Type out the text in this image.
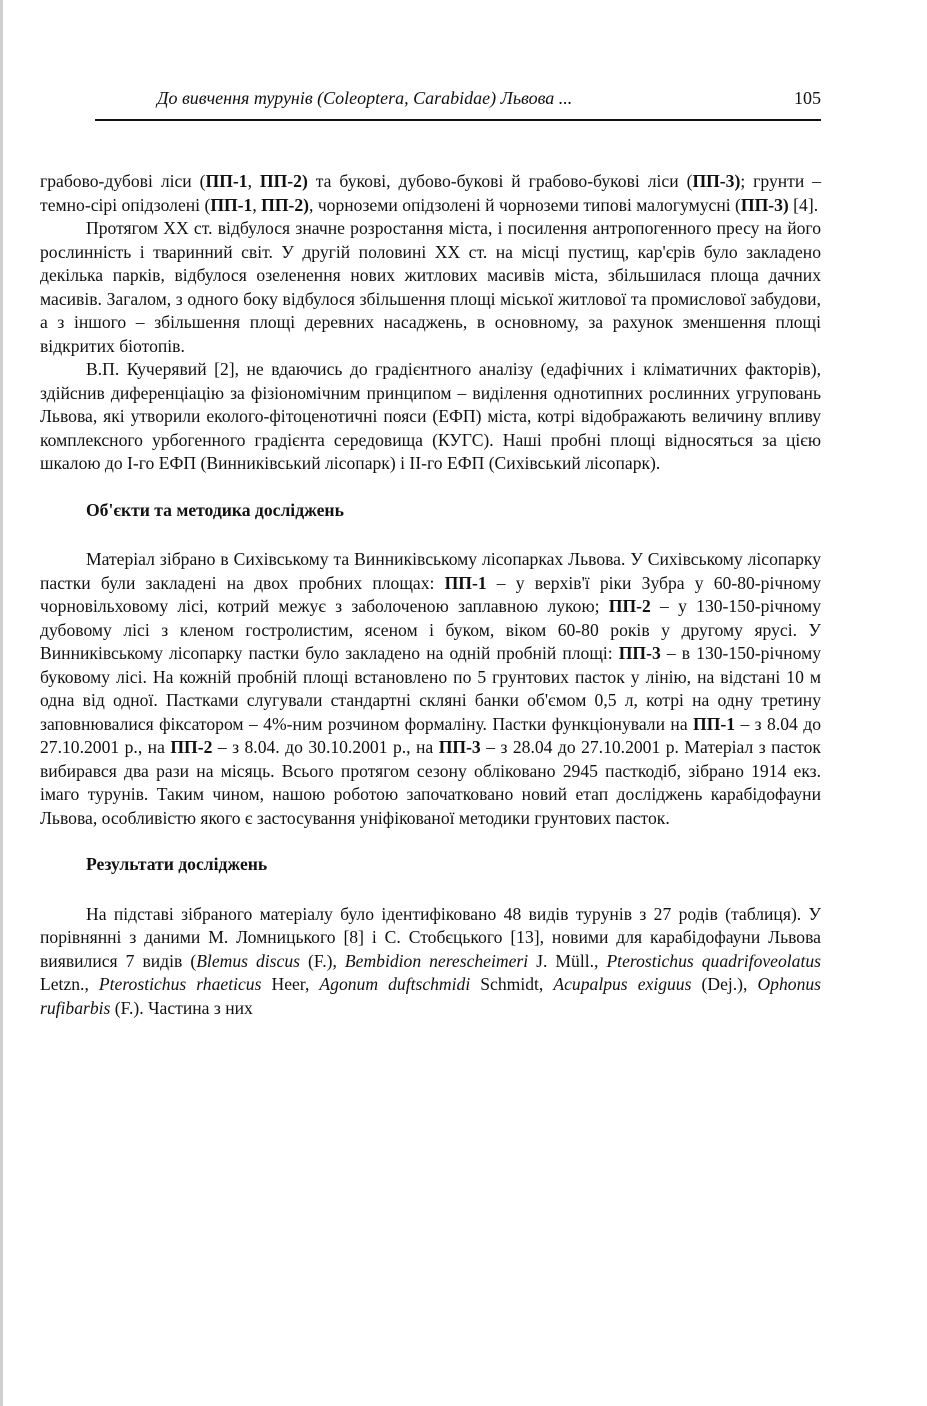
До вивчення турунів (Coleoptera, Carabidae) Львова ...	105

грабово-дубові ліси (ПП-1, ПП-2) та букові, дубово-букові й грабово-букові ліси (ПП-3); грунти – темно-сірі опідзолені (ПП-1, ПП-2), чорноземи опідзолені й чорноземи типові малогумусні (ПП-3) [4].

Протягом XX ст. відбулося значне розростання міста, і посилення антропогенного пресу на його рослинність і тваринний світ. У другій половині XX ст. на місці пустищ, кар'єрів було закладено декілька парків, відбулося озеленення нових житлових масивів міста, збільшилася площа дачних масивів. Загалом, з одного боку відбулося збільшення площі міської житлової та промислової забудови, а з іншого – збільшення площі деревних насаджень, в основному, за рахунок зменшення площі відкритих біотопів.

В.П. Кучерявий [2], не вдаючись до градієнтного аналізу (едафічних і кліматичних факторів), здійснив диференціацію за фізіономічним принципом – виділення однотипних рослинних угруповань Львова, які утворили еколого-фітоценотичні пояси (ЕФП) міста, котрі відображають величину впливу комплексного урбогенного градієнта середовища (КУГС). Наші пробні площі відносяться за цією шкалою до І-го ЕФП (Винниківський лісопарк) і ІІ-го ЕФП (Сихівський лісопарк).

Об'єкти та методика досліджень

Матеріал зібрано в Сихівському та Винниківському лісопарках Львова. У Сихівському лісопарку пастки були закладені на двох пробних площах: ПП-1 – у верхів'ї ріки Зубра у 60-80-річному чорновільховому лісі, котрий межує з заболоченою заплавною лукою; ПП-2 – у 130-150-річному дубовому лісі з кленом гостролистим, ясеном і буком, віком 60-80 років у другому ярусі. У Винниківському лісопарку пастки було закладено на одній пробній площі: ПП-3 – в 130-150-річному буковому лісі. На кожній пробній площі встановлено по 5 грунтових пасток у лінію, на відстані 10 м одна від одної. Пастками слугували стандартні скляні банки об'ємом 0,5 л, котрі на одну третину заповнювалися фіксатором – 4%-ним розчином формаліну. Пастки функціонували на ПП-1 – з 8.04 до 27.10.2001 р., на ПП-2 – з 8.04. до 30.10.2001 р., на ПП-3 – з 28.04 до 27.10.2001 р. Матеріал з пасток вибирався два рази на місяць. Всього протягом сезону обліковано 2945 пасткодіб, зібрано 1914 екз. імаго турунів. Таким чином, нашою роботою започатковано новий етап досліджень карабідофауни Львова, особливістю якого є застосування уніфікованої методики грунтових пасток.

Результати досліджень

На підставі зібраного матеріалу було ідентифіковано 48 видів турунів з 27 родів (таблиця). У порівнянні з даними М. Ломницького [8] і С. Стобєцького [13], новими для карабідофауни Львова виявилися 7 видів (Blemus discus (F.), Bembidion nerescheimeri J. Müll., Pterostichus quadrifoveolatus Letzn., Pterostichus rhaeticus Heer, Agonum duftschmidi Schmidt, Acupalpus exiguus (Dej.), Ophonus rufibarbis (F.). Частина з них
